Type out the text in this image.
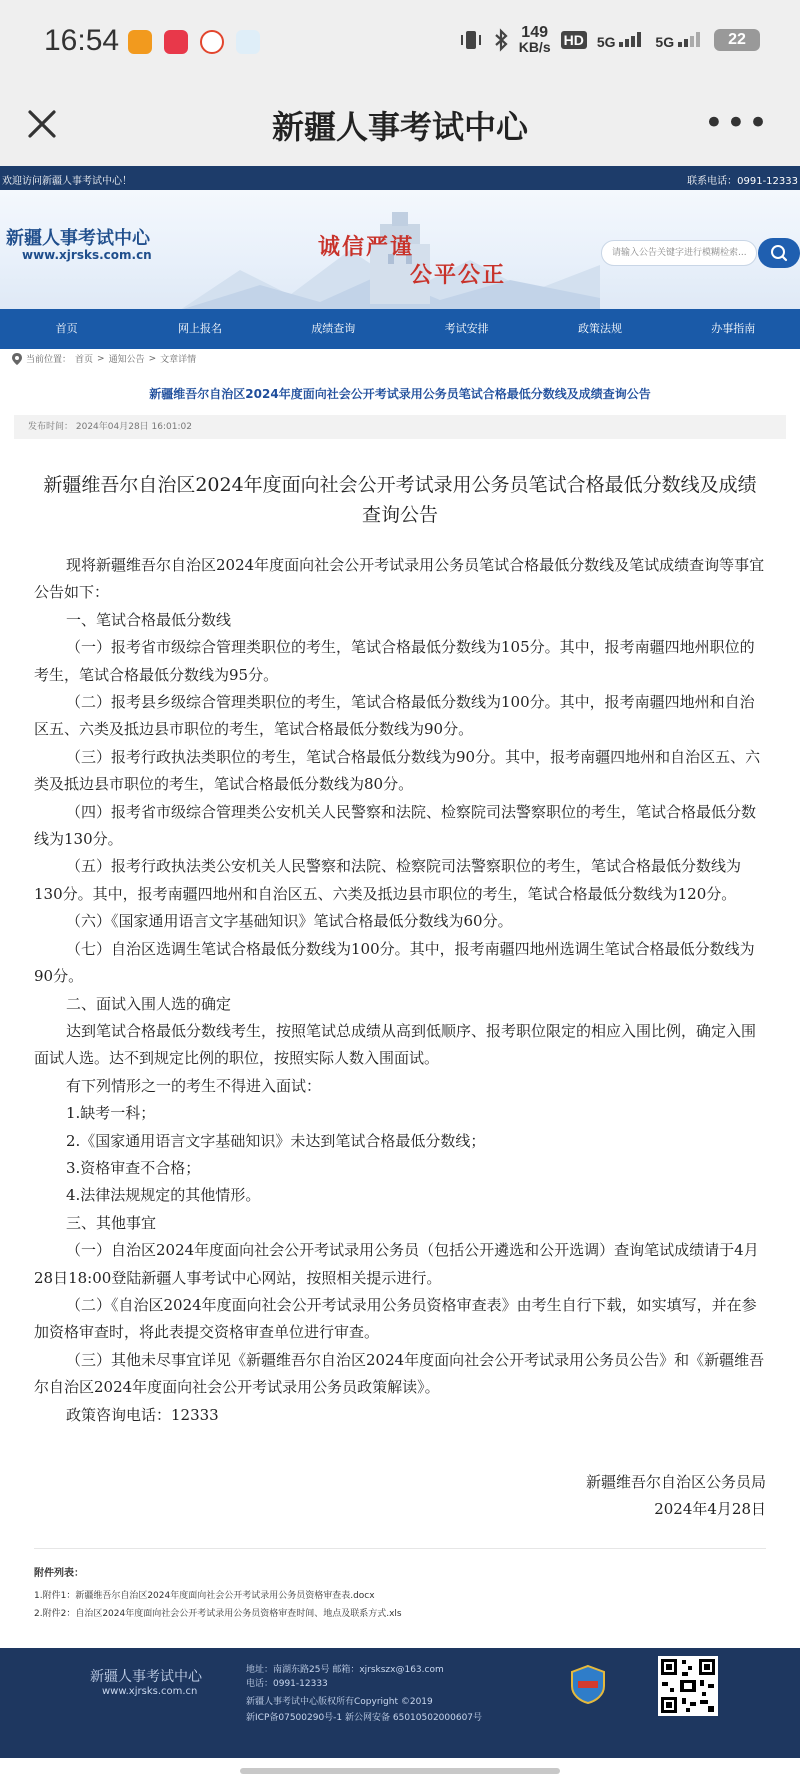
16:54	149
KB/s HD 5G	5G	22
新疆人事考试中心	•••
欢迎访问新疆人事考试中心！	联系电话：0991-12333
新疆人事考试中心
www.xjrsks.com.cn	诚信严谨
公平公正
请输入公告关键字进行模糊检索...
首页	网上报名	成绩查询	考试安排	政策法规	办事指南
当前位置： 首页 > 通知公告 > 文章详情
新疆维吾尔自治区2024年度面向社会公开考试录用公务员笔试合格最低分数线及成绩查询公告
发布时间： 2024年04月28日 16:01:02
新疆维吾尔自治区2024年度面向社会公开考试录用公务员笔试合格最低分数线及成绩查询公告

现将新疆维吾尔自治区2024年度面向社会公开考试录用公务员笔试合格最低分数线及笔试成绩查询等事宜公告如下：

一、笔试合格最低分数线

（一）报考省市级综合管理类职位的考生，笔试合格最低分数线为105分。其中，报考南疆四地州职位的考生，笔试合格最低分数线为95分。

（二）报考县乡级综合管理类职位的考生，笔试合格最低分数线为100分。其中，报考南疆四地州和自治区五、六类及抵边县市职位的考生，笔试合格最低分数线为90分。

（三）报考行政执法类职位的考生，笔试合格最低分数线为90分。其中，报考南疆四地州和自治区五、六类及抵边县市职位的考生，笔试合格最低分数线为80分。

（四）报考省市级综合管理类公安机关人民警察和法院、检察院司法警察职位的考生，笔试合格最低分数线为130分。

（五）报考行政执法类公安机关人民警察和法院、检察院司法警察职位的考生，笔试合格最低分数线为130分。其中，报考南疆四地州和自治区五、六类及抵边县市职位的考生，笔试合格最低分数线为120分。

（六）《国家通用语言文字基础知识》笔试合格最低分数线为60分。

（七）自治区选调生笔试合格最低分数线为100分。其中，报考南疆四地州选调生笔试合格最低分数线为90分。

二、面试入围人选的确定

达到笔试合格最低分数线考生，按照笔试总成绩从高到低顺序、报考职位限定的相应入围比例，确定入围面试人选。达不到规定比例的职位，按照实际人数入围面试。

有下列情形之一的考生不得进入面试：

1.缺考一科；

2.《国家通用语言文字基础知识》未达到笔试合格最低分数线；

3.资格审查不合格；

4.法律法规规定的其他情形。

三、其他事宜

（一）自治区2024年度面向社会公开考试录用公务员（包括公开遴选和公开选调）查询笔试成绩请于4月28日18:00登陆新疆人事考试中心网站，按照相关提示进行。

（二）《自治区2024年度面向社会公开考试录用公务员资格审查表》由考生自行下载，如实填写，并在参加资格审查时，将此表提交资格审查单位进行审查。

（三）其他未尽事宜详见《新疆维吾尔自治区2024年度面向社会公开考试录用公务员公告》和《新疆维吾尔自治区2024年度面向社会公开考试录用公务员政策解读》。

政策咨询电话：12333

新疆维吾尔自治区公务员局

2024年4月28日

附件列表：
1.附件1：新疆维吾尔自治区2024年度面向社会公开考试录用公务员资格审查表.docx
2.附件2：自治区2024年度面向社会公开考试录用公务员资格审查时间、地点及联系方式.xls
新疆人事考试中心
www.xjrsks.com.cn
地址：南湖东路25号 邮箱：xjrskszx@163.com
电话：0991-12333
新疆人事考试中心版权所有Copyright ©2019
新ICP备07500290号-1 新公网安备 65010502000607号
